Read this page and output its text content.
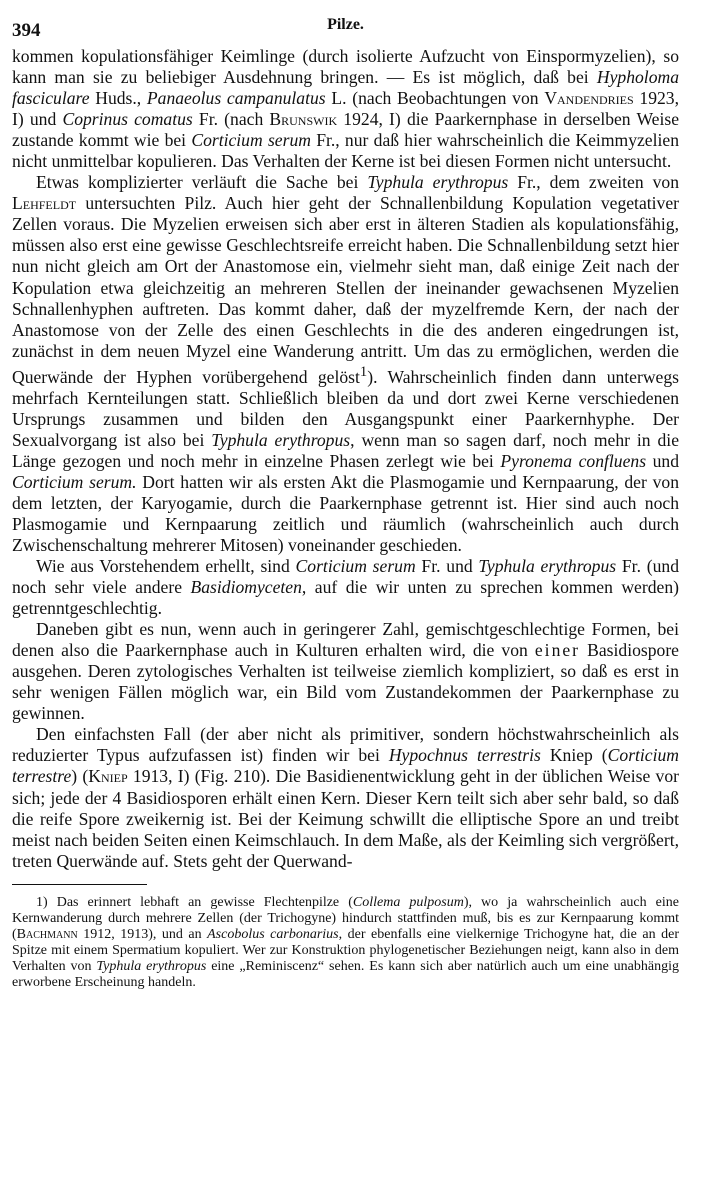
394	Pilze.

kommen kopulationsfähiger Keimlinge (durch isolierte Aufzucht von Einspormyzelien), so kann man sie zu beliebiger Ausdehnung bringen. — Es ist möglich, daß bei Hypholoma fasciculare Huds., Panaeolus campanulatus L. (nach Beobachtungen von Vandendries 1923, I) und Coprinus comatus Fr. (nach Brunswik 1924, I) die Paarkernphase in derselben Weise zustande kommt wie bei Corticium serum Fr., nur daß hier wahrscheinlich die Keimmyzelien nicht unmittelbar kopulieren. Das Verhalten der Kerne ist bei diesen Formen nicht untersucht.

Etwas komplizierter verläuft die Sache bei Typhula erythropus Fr., dem zweiten von Lehfeldt untersuchten Pilz. Auch hier geht der Schnallenbildung Kopulation vegetativer Zellen voraus. Die Myzelien erweisen sich aber erst in älteren Stadien als kopulationsfähig, müssen also erst eine gewisse Geschlechtsreife erreicht haben. Die Schnallenbildung setzt hier nun nicht gleich am Ort der Anastomose ein, vielmehr sieht man, daß einige Zeit nach der Kopulation etwa gleichzeitig an mehreren Stellen der ineinander gewachsenen Myzelien Schnallenhyphen auftreten. Das kommt daher, daß der myzelfremde Kern, der nach der Anastomose von der Zelle des einen Geschlechts in die des anderen eingedrungen ist, zunächst in dem neuen Myzel eine Wanderung antritt. Um das zu ermöglichen, werden die Querwände der Hyphen vorübergehend gelöst$^1$). Wahrscheinlich finden dann unterwegs mehrfach Kernteilungen statt. Schließlich bleiben da und dort zwei Kerne verschiedenen Ursprungs zusammen und bilden den Ausgangspunkt einer Paarkernhyphe. Der Sexualvorgang ist also bei Typhula erythropus, wenn man so sagen darf, noch mehr in die Länge gezogen und noch mehr in einzelne Phasen zerlegt wie bei Pyronema confluens und Corticium serum. Dort hatten wir als ersten Akt die Plasmogamie und Kernpaarung, der von dem letzten, der Karyogamie, durch die Paarkernphase getrennt ist. Hier sind auch noch Plasmogamie und Kernpaarung zeitlich und räumlich (wahrscheinlich auch durch Zwischenschaltung mehrerer Mitosen) voneinander geschieden.

Wie aus Vorstehendem erhellt, sind Corticium serum Fr. und Typhula erythropus Fr. (und noch sehr viele andere Basidiomyceten, auf die wir unten zu sprechen kommen werden) getrenntgeschlechtig.

Daneben gibt es nun, wenn auch in geringerer Zahl, gemischtgeschlechtige Formen, bei denen also die Paarkernphase auch in Kulturen erhalten wird, die von einer Basidiospore ausgehen. Deren zytologisches Verhalten ist teilweise ziemlich kompliziert, so daß es erst in sehr wenigen Fällen möglich war, ein Bild vom Zustandekommen der Paarkernphase zu gewinnen.

Den einfachsten Fall (der aber nicht als primitiver, sondern höchstwahrscheinlich als reduzierter Typus aufzufassen ist) finden wir bei Hypochnus terrestris Kniep (Corticium terrestre) (Kniep 1913, I) (Fig. 210). Die Basidienentwicklung geht in der üblichen Weise vor sich; jede der 4 Basidiosporen erhält einen Kern. Dieser Kern teilt sich aber sehr bald, so daß die reife Spore zweikernig ist. Bei der Keimung schwillt die elliptische Spore an und treibt meist nach beiden Seiten einen Keimschlauch. In dem Maße, als der Keimling sich vergrößert, treten Querwände auf. Stets geht der Querwand-

1) Das erinnert lebhaft an gewisse Flechtenpilze (Collema pulposum), wo ja wahrscheinlich auch eine Kernwanderung durch mehrere Zellen (der Trichogyne) hindurch stattfinden muß, bis es zur Kernpaarung kommt (Bachmann 1912, 1913), und an Ascobolus carbonarius, der ebenfalls eine vielkernige Trichogyne hat, die an der Spitze mit einem Spermatium kopuliert. Wer zur Konstruktion phylogenetischer Beziehungen neigt, kann also in dem Verhalten von Typhula erythropus eine „Reminiscenz“ sehen. Es kann sich aber natürlich auch um eine unabhängig erworbene Erscheinung handeln.
